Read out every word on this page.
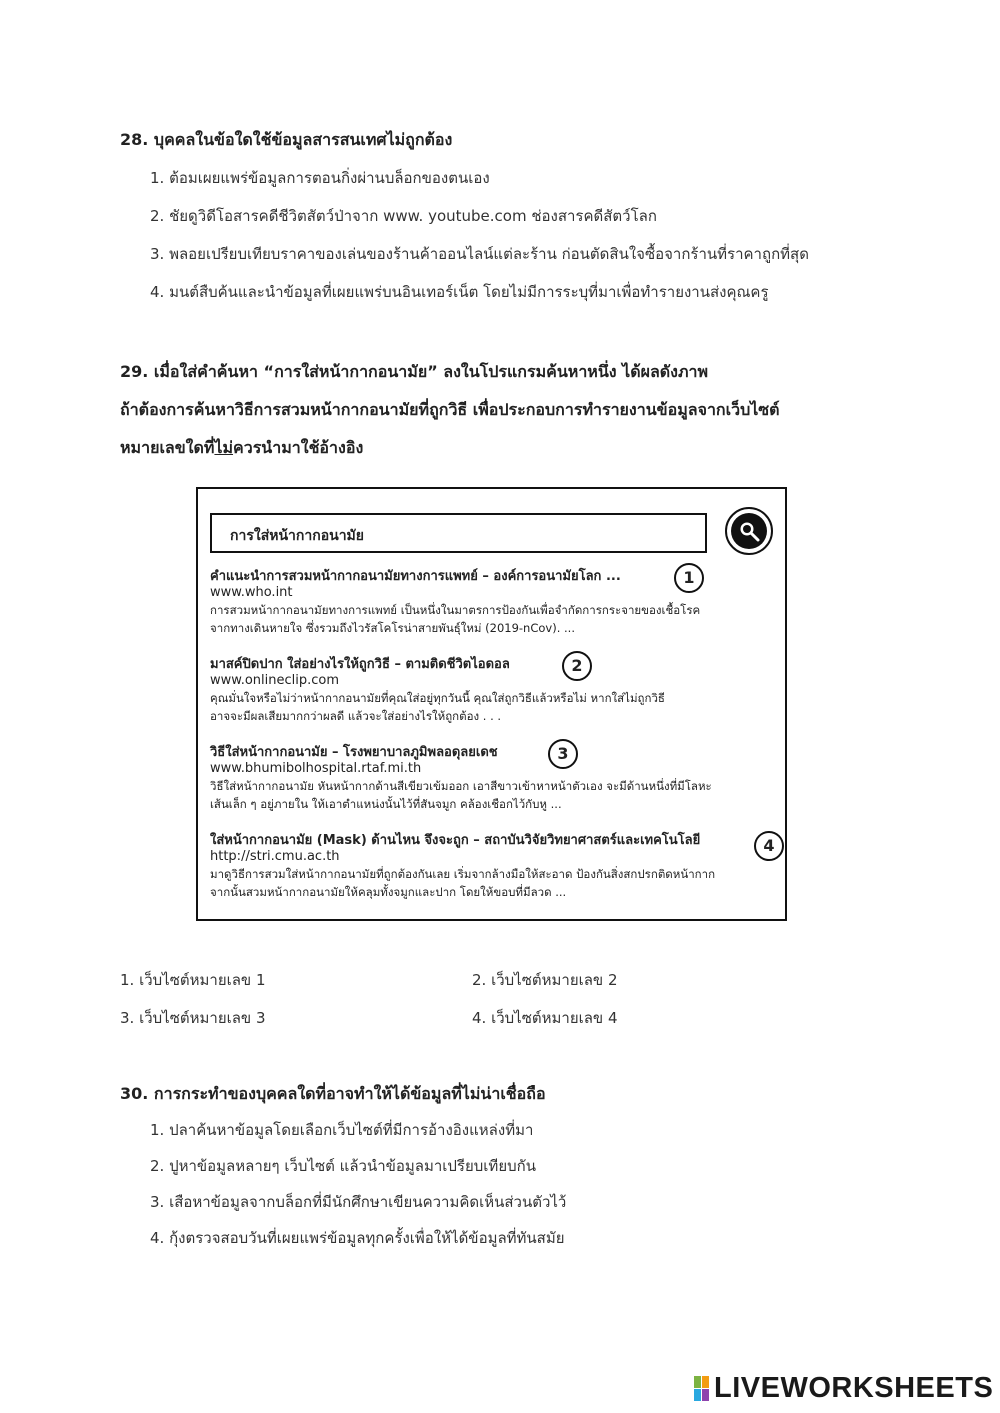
28. บุคคลในข้อใดใช้ข้อมูลสารสนเทศไม่ถูกต้อง
1. ต้อมเผยแพร่ข้อมูลการตอนกิ่งผ่านบล็อกของตนเอง
2. ชัยดูวิดีโอสารคดีชีวิตสัตว์ป่าจาก www. youtube.com ช่องสารคดีสัตว์โลก
3. พลอยเปรียบเทียบราคาของเล่นของร้านค้าออนไลน์แต่ละร้าน ก่อนตัดสินใจซื้อจากร้านที่ราคาถูกที่สุด
4. มนต์สืบค้นและนำข้อมูลที่เผยแพร่บนอินเทอร์เน็ต โดยไม่มีการระบุที่มาเพื่อทำรายงานส่งคุณครู
29. เมื่อใส่คำค้นหา “การใส่หน้ากากอนามัย” ลงในโปรแกรมค้นหาหนึ่ง ได้ผลดังภาพ
ถ้าต้องการค้นหาวิธีการสวมหน้ากากอนามัยที่ถูกวิธี เพื่อประกอบการทำรายงานข้อมูลจากเว็บไซต์
หมายเลขใดที่ไม่ควรนำมาใช้อ้างอิง
การใส่หน้ากากอนามัย
คำแนะนำการสวมหน้ากากอนามัยทางการแพทย์ – องค์การอนามัยโลก ...
www.who.int
การสวมหน้ากากอนามัยทางการแพทย์ เป็นหนึ่งในมาตรการป้องกันเพื่อจำกัดการกระจายของเชื้อโรค
จากทางเดินหายใจ ซึ่งรวมถึงไวรัสโคโรน่าสายพันธุ์ใหม่ (2019-nCov). ...
1
มาสค์ปิดปาก ใส่อย่างไรให้ถูกวิธี – ตามติดชีวิตไอดอล
www.onlineclip.com
คุณมั่นใจหรือไม่ว่าหน้ากากอนามัยที่คุณใส่อยู่ทุกวันนี้ คุณใส่ถูกวิธีแล้วหรือไม่ หากใส่ไม่ถูกวิธี
อาจจะมีผลเสียมากกว่าผลดี แล้วจะใส่อย่างไรให้ถูกต้อง . . .
2
วิธีใส่หน้ากากอนามัย – โรงพยาบาลภูมิพลอดุลยเดช
www.bhumibolhospital.rtaf.mi.th
วิธีใส่หน้ากากอนามัย หันหน้ากากด้านสีเขียวเข้มออก เอาสีขาวเข้าหาหน้าตัวเอง จะมีด้านหนึ่งที่มีโลหะ
เส้นเล็ก ๆ อยู่ภายใน ให้เอาตำแหน่งนั้นไว้ที่สันจมูก คล้องเชือกไว้กับหู ...
3
ใส่หน้ากากอนามัย (Mask) ด้านไหน จึงจะถูก – สถาบันวิจัยวิทยาศาสตร์และเทคโนโลยี
http://stri.cmu.ac.th
มาดูวิธีการสวมใส่หน้ากากอนามัยที่ถูกต้องกันเลย เริ่มจากล้างมือให้สะอาด ป้องกันสิ่งสกปรกติดหน้ากาก
จากนั้นสวมหน้ากากอนามัยให้คลุมทั้งจมูกและปาก โดยให้ขอบที่มีลวด ...
4
1. เว็บไซต์หมายเลข 1	2. เว็บไซต์หมายเลข 2
3. เว็บไซต์หมายเลข 3	4. เว็บไซต์หมายเลข 4
30. การกระทำของบุคคลใดที่อาจทำให้ได้ข้อมูลที่ไม่น่าเชื่อถือ
1. ปลาค้นหาข้อมูลโดยเลือกเว็บไซต์ที่มีการอ้างอิงแหล่งที่มา
2. ปูหาข้อมูลหลายๆ เว็บไซต์ แล้วนำข้อมูลมาเปรียบเทียบกัน
3. เสือหาข้อมูลจากบล็อกที่มีนักศึกษาเขียนความคิดเห็นส่วนตัวไว้
4. กุ้งตรวจสอบวันที่เผยแพร่ข้อมูลทุกครั้งเพื่อให้ได้ข้อมูลที่ทันสมัย
LIVEWORKSHEETS
